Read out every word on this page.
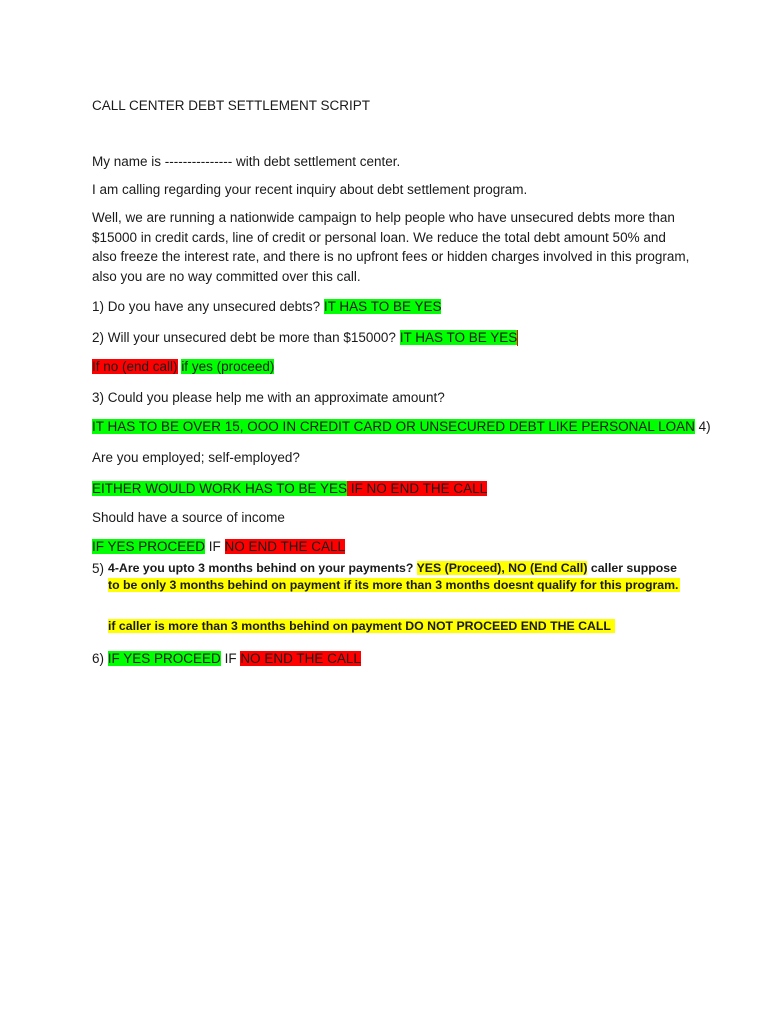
CALL CENTER DEBT SETTLEMENT SCRIPT
My name is --------------- with debt settlement center.
I am calling regarding your recent inquiry about debt settlement program.
Well, we are running a nationwide campaign to help people who have unsecured debts more than $15000 in credit cards, line of credit or personal loan. We reduce the total debt amount 50% and also freeze the interest rate, and there is no upfront fees or hidden charges involved in this program, also you are no way committed over this call.
1) Do you have any unsecured debts? IT HAS TO BE YES
2) Will your unsecured debt be more than $15000? IT HAS TO BE YES
If no (end call) if yes (proceed)
3) Could you please help me with an approximate amount?
IT HAS TO BE OVER 15, OOO IN CREDIT CARD OR UNSECURED DEBT LIKE PERSONAL LOAN 4)
Are you employed; self-employed?
EITHER WOULD WORK HAS TO BE YES IF NO END THE CALL
Should have a source of income
IF YES PROCEED IF NO END THE CALL
5) 4-Are you upto 3 months behind on your payments? YES (Proceed), NO (End Call) caller suppose
to be only 3 months behind on payment if its more than 3 months doesnt qualify for this program.
if caller is more than 3 months behind on payment DO NOT PROCEED END THE CALL
6) IF YES PROCEED IF NO END THE CALL
